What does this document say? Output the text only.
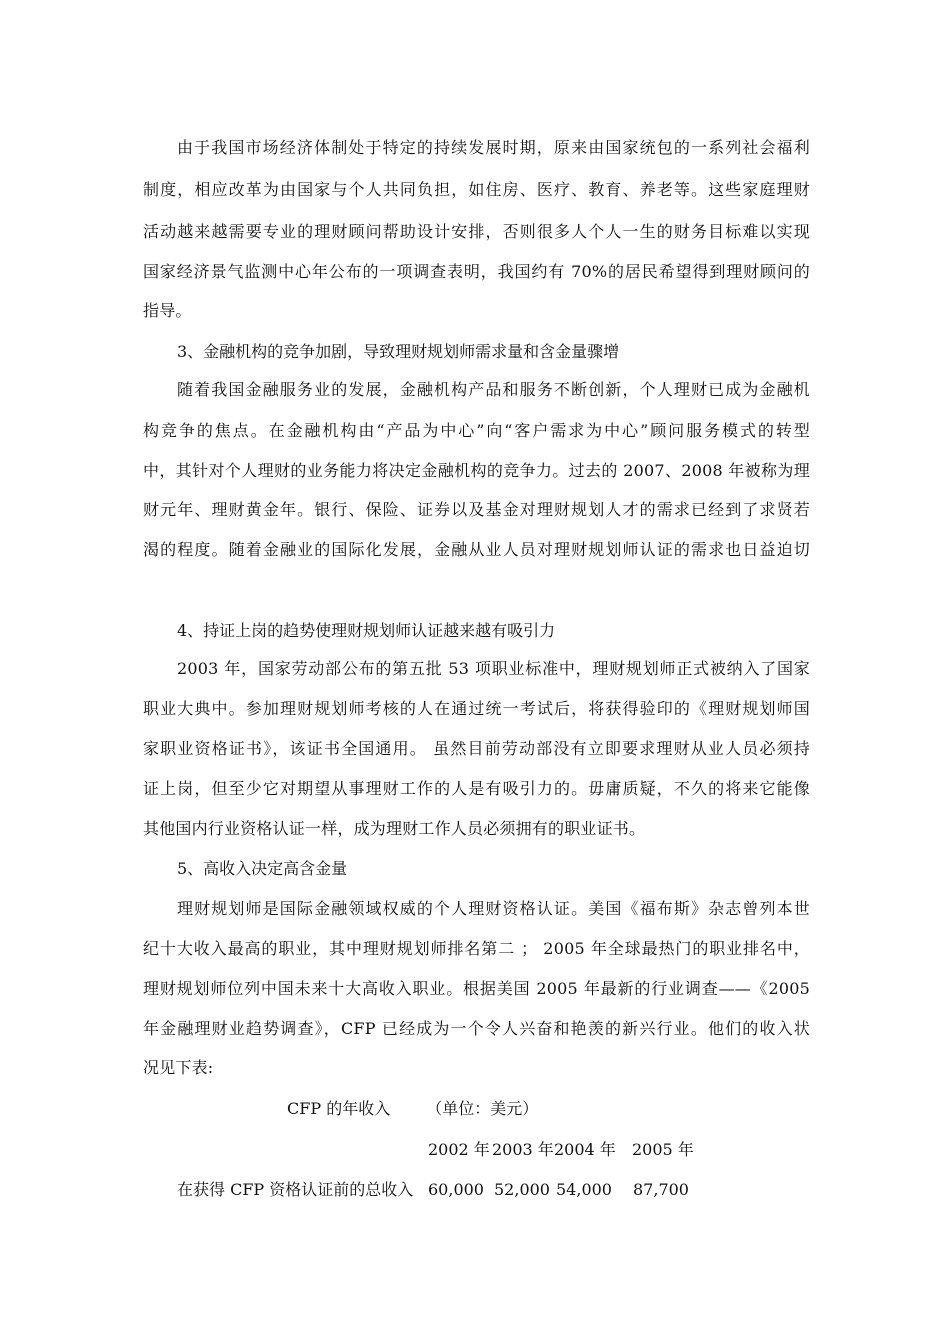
由于我国市场经济体制处于特定的持续发展时期，原来由国家统包的一系列社会福利
制度，相应改革为由国家与个人共同负担，如住房、医疗、教育、养老等。这些家庭理财
活动越来越需要专业的理财顾问帮助设计安排，否则很多人个人一生的财务目标难以实现
国家经济景气监测中心年公布的一项调查表明，我国约有 70%的居民希望得到理财顾问的
指导。
3、金融机构的竞争加剧，导致理财规划师需求量和含金量骤增
随着我国金融服务业的发展，金融机构产品和服务不断创新，个人理财已成为金融机
构竞争的焦点。在金融机构由“产品为中心”向“客户需求为中心”顾问服务模式的转型
中，其针对个人理财的业务能力将决定金融机构的竞争力。过去的 2007、2008 年被称为理
财元年、理财黄金年。银行、保险、证券以及基金对理财规划人才的需求已经到了求贤若
渴的程度。随着金融业的国际化发展，金融从业人员对理财规划师认证的需求也日益迫切
4、持证上岗的趋势使理财规划师认证越来越有吸引力
2003 年，国家劳动部公布的第五批 53 项职业标准中，理财规划师正式被纳入了国家
职业大典中。参加理财规划师考核的人在通过统一考试后，将获得验印的《理财规划师国
家职业资格证书》，该证书全国通用。 虽然目前劳动部没有立即要求理财从业人员必须持
证上岗，但至少它对期望从事理财工作的人是有吸引力的。毋庸质疑，不久的将来它能像
其他国内行业资格认证一样，成为理财工作人员必须拥有的职业证书。
5、高收入决定高含金量
理财规划师是国际金融领域权威的个人理财资格认证。美国《福布斯》杂志曾列本世
纪十大收入最高的职业，其中理财规划师排名第二 ； 2005 年全球最热门的职业排名中，
理财规划师位列中国未来十大高收入职业。根据美国 2005 年最新的行业调查——《2005
年金融理财业趋势调查》，CFP 已经成为一个令人兴奋和艳羡的新兴行业。他们的收入状
况见下表:
CFP 的年收入 （单位：美元）
2002 年 2003 年 2004 年 2005 年
在获得 CFP 资格认证前的总收入 60,000 52,000 54,000 87,700
